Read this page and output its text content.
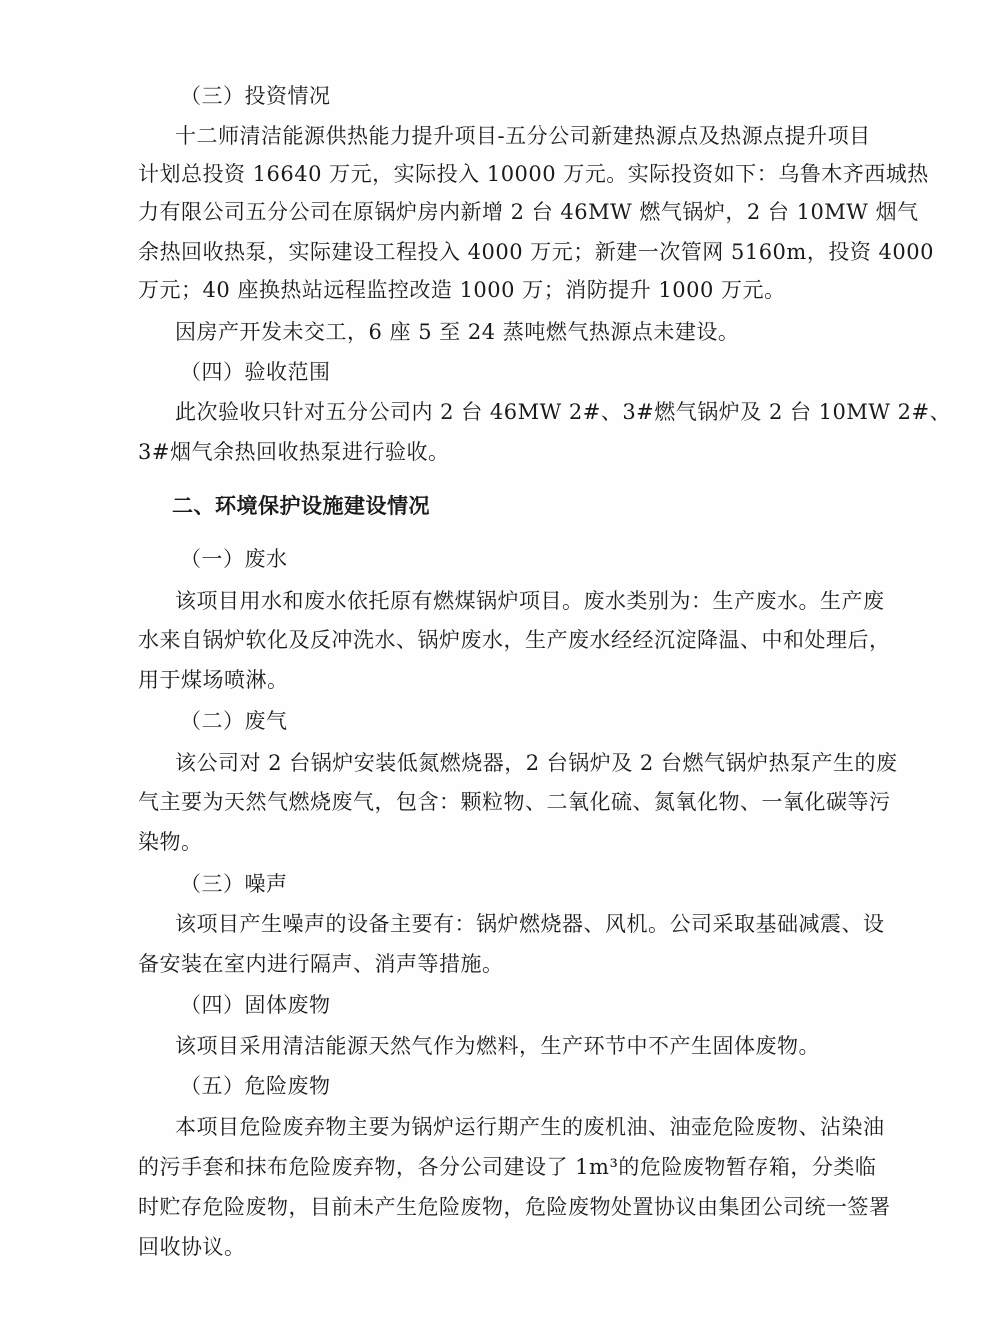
（三）投资情况
十二师清洁能源供热能力提升项目-五分公司新建热源点及热源点提升项目
计划总投资 16640 万元，实际投入 10000 万元。实际投资如下：乌鲁木齐西城热
力有限公司五分公司在原锅炉房内新增 2 台 46MW 燃气锅炉，2 台 10MW 烟气
余热回收热泵，实际建设工程投入 4000 万元；新建一次管网 5160m，投资 4000
万元；40 座换热站远程监控改造 1000 万；消防提升 1000 万元。
因房产开发未交工，6 座 5 至 24 蒸吨燃气热源点未建设。
（四）验收范围
此次验收只针对五分公司内 2 台 46MW 2#、3#燃气锅炉及 2 台 10MW 2#、
3#烟气余热回收热泵进行验收。
二、环境保护设施建设情况
（一）废水
该项目用水和废水依托原有燃煤锅炉项目。废水类别为：生产废水。生产废
水来自锅炉软化及反冲洗水、锅炉废水，生产废水经经沉淀降温、中和处理后，
用于煤场喷淋。
（二）废气
该公司对 2 台锅炉安装低氮燃烧器，2 台锅炉及 2 台燃气锅炉热泵产生的废
气主要为天然气燃烧废气，包含：颗粒物、二氧化硫、氮氧化物、一氧化碳等污
染物。
（三）噪声
该项目产生噪声的设备主要有：锅炉燃烧器、风机。公司采取基础减震、设
备安装在室内进行隔声、消声等措施。
（四）固体废物
该项目采用清洁能源天然气作为燃料，生产环节中不产生固体废物。
（五）危险废物
本项目危险废弃物主要为锅炉运行期产生的废机油、油壶危险废物、沾染油
的污手套和抹布危险废弃物，各分公司建设了 1m³的危险废物暂存箱，分类临
时贮存危险废物，目前未产生危险废物，危险废物处置协议由集团公司统一签署
回收协议。
